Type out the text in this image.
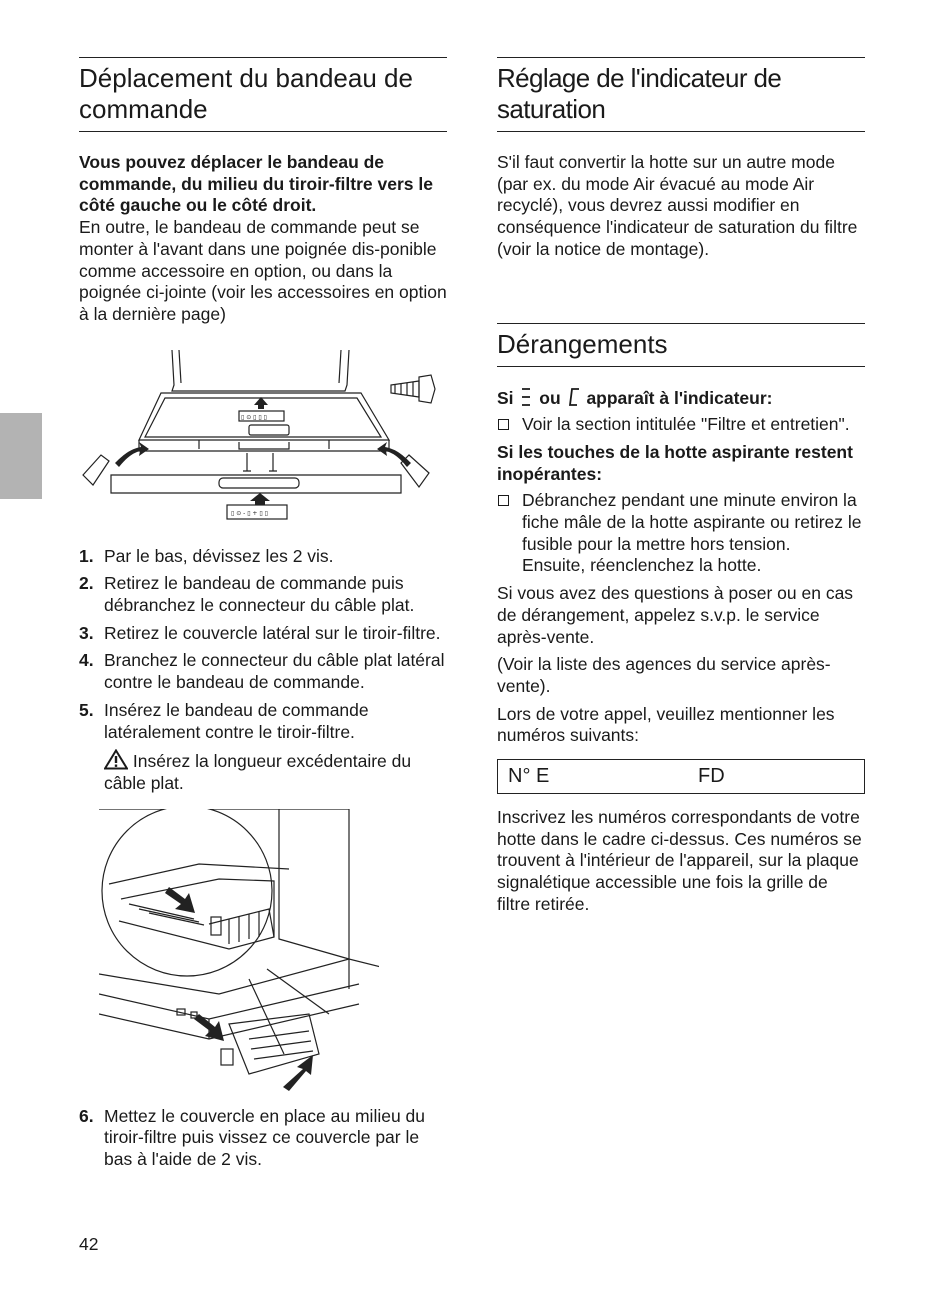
Déplacement du bandeau de commande

Vous pouvez déplacer le bandeau de commande, du milieu du tiroir-filtre vers le côté gauche ou le côté droit.

En outre, le bandeau de commande peut se monter à l'avant dans une poignée dis-ponible comme accessoire en option, ou dans la poignée ci-jointe (voir les accessoires en option à la dernière page)

▯ ⊙ ▯ ▯ ▯
▯ ⊙ - ▯ + ▯ ▯
1. Par le bas, dévissez les 2 vis.
2. Retirez le bandeau de commande puis débranchez le connecteur du câble plat.
3. Retirez le couvercle latéral sur le tiroir-filtre.
4. Branchez le connecteur du câble plat latéral contre le bandeau de commande.
5. Insérez le bandeau de commande latéralement contre le tiroir-filtre.
Insérez la longueur excédentaire du câble plat.
6. Mettez le couvercle en place au milieu du tiroir-filtre puis vissez ce couvercle par le bas à l'aide de 2 vis.
Réglage de l'indicateur de saturation

S'il faut convertir la hotte sur un autre mode (par ex. du mode Air évacué au mode Air recyclé), vous devrez aussi modifier en conséquence l'indicateur de saturation du filtre (voir la notice de montage).

Dérangements

Si ou apparaît à l'indicateur:

Voir la section intitulée "Filtre et entretien".

Si les touches de la hotte aspirante restent inopérantes:

Débranchez pendant une minute environ la fiche mâle de la hotte aspirante ou retirez le fusible pour la mettre hors tension.
Ensuite, réenclenchez la hotte.

Si vous avez des questions à poser ou en cas de dérangement, appelez s.v.p. le service après-vente.

(Voir la liste des agences du service après-vente).

Lors de votre appel, veuillez mentionner les numéros suivants:

N° E	FD

Inscrivez les numéros correspondants de votre hotte dans le cadre ci-dessus. Ces numéros se trouvent à l'intérieur de l'appareil, sur la plaque signalétique accessible une fois la grille de filtre retirée.

42
